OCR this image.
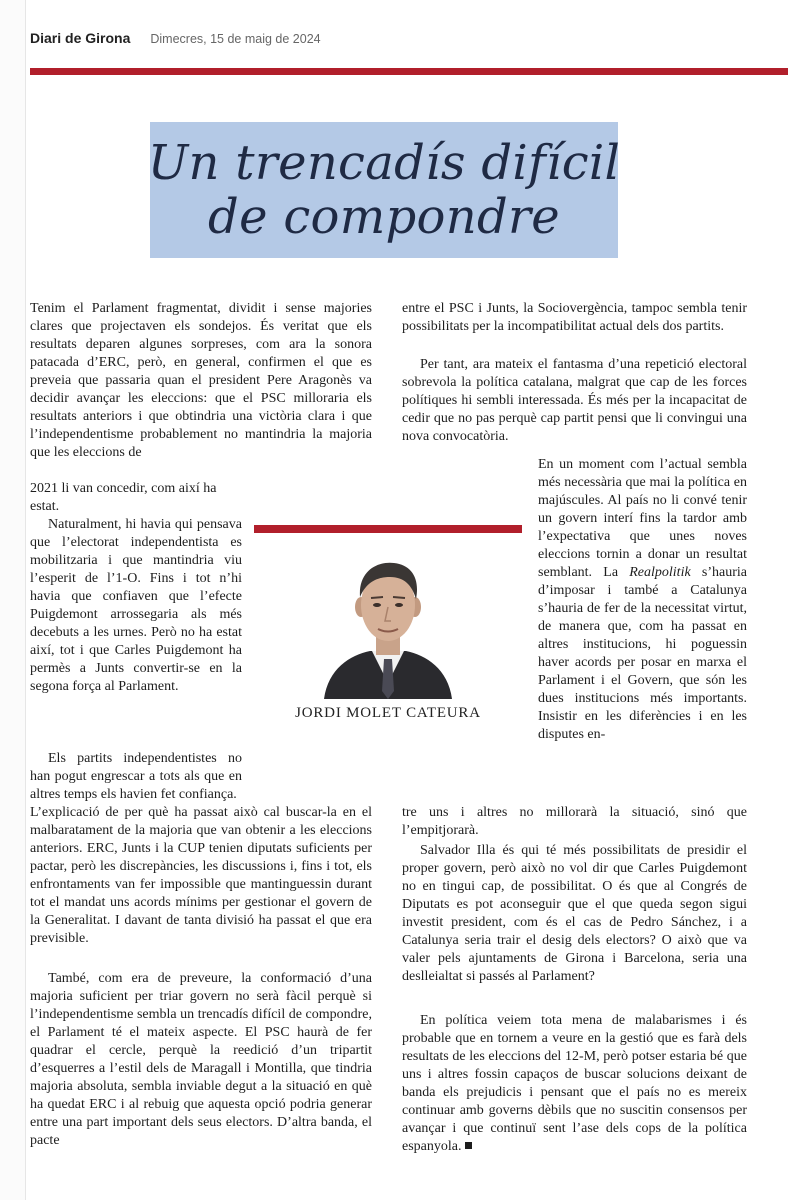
Diari de Girona Dimecres, 15 de maig de 2024
Un trencadís difícil
de compondre

Tenim el Parlament fragmentat, dividit i sense majories clares que projectaven els sondejos. És veritat que els resultats deparen algunes sorpreses, com ara la sonora patacada d’ERC, però, en general, confirmen el que es preveia que passaria quan el president Pere Aragonès va decidir avançar les eleccions: que el PSC milloraria els resultats anteriors i que obtindria una victòria clara i que l’independentisme probablement no mantindria la majoria que les eleccions de

2021 li van concedir, com així ha estat.

Naturalment, hi havia qui pensava que l’electorat independentista es mobilitzaria i que mantindria viu l’esperit de l’1-O. Fins i tot n’hi havia que confiaven que l’efecte Puigdemont arrossegaria als més decebuts a les urnes. Però no ha estat així, tot i que Carles Puigdemont ha permès a Junts convertir-se en la segona força al Parlament.

Els partits independentistes no han pogut engrescar a tots als que en altres temps els havien fet confiança.

L’explicació de per què ha passat això cal buscar-la en el malbaratament de la majoria que van obtenir a les eleccions anteriors. ERC, Junts i la CUP tenien diputats suficients per pactar, però les discrepàncies, les discussions i, fins i tot, els enfrontaments van fer impossible que mantinguessin durant tot el mandat uns acords mínims per gestionar el govern de la Generalitat. I davant de tanta divisió ha passat el que era previsible.

També, com era de preveure, la conformació d’una majoria suficient per triar govern no serà fàcil perquè si l’independentisme sembla un trencadís difícil de compondre, el Parlament té el mateix aspecte. El PSC haurà de fer quadrar el cercle, perquè la reedició d’un tripartit d’esquerres a l’estil dels de Maragall i Montilla, que tindria majoria absoluta, sembla inviable degut a la situació en què ha quedat ERC i al rebuig que aquesta opció podria generar entre una part important dels seus electors. D’altra banda, el pacte

entre el PSC i Junts, la Sociovergència, tampoc sembla tenir possibilitats per la incompatibilitat actual dels dos partits.

Per tant, ara mateix el fantasma d’una repetició electoral sobrevola la política catalana, malgrat que cap de les forces polítiques hi sembli interessada. És més per la incapacitat de cedir que no pas perquè cap partit pensi que li convingui una nova convocatòria.

En un moment com l’actual sembla més necessària que mai la política en majúscules. Al país no li convé tenir un govern interí fins la tardor amb l’expectativa que unes noves eleccions tornin a donar un resultat semblant. La Realpolitik s’hauria d’imposar i també a Catalunya s’hauria de fer de la necessitat virtut, de manera que, com ha passat en altres institucions, hi poguessin haver acords per posar en marxa el Parlament i el Govern, que són les dues institucions més importants. Insistir en les diferències i en les disputes en-

tre uns i altres no millorarà la situació, sinó que l’empitjorarà.

Salvador Illa és qui té més possibilitats de presidir el proper govern, però això no vol dir que Carles Puigdemont no en tingui cap, de possibilitat. O és que al Congrés de Diputats es pot aconseguir que el que queda segon sigui investit president, com és el cas de Pedro Sánchez, i a Catalunya seria trair el desig dels electors? O això que va valer pels ajuntaments de Girona i Barcelona, seria una deslleialtat si passés al Parlament?

En política veiem tota mena de malabarismes i és probable que en tornem a veure en la gestió que es farà dels resultats de les eleccions del 12-M, però potser estaria bé que uns i altres fossin capaços de buscar solucions deixant de banda els prejudicis i pensant que el país no es mereix continuar amb governs dèbils que no suscitin consensos per avançar i que continuï sent l’ase dels cops de la política espanyola.

JORDI MOLET CATEURA
